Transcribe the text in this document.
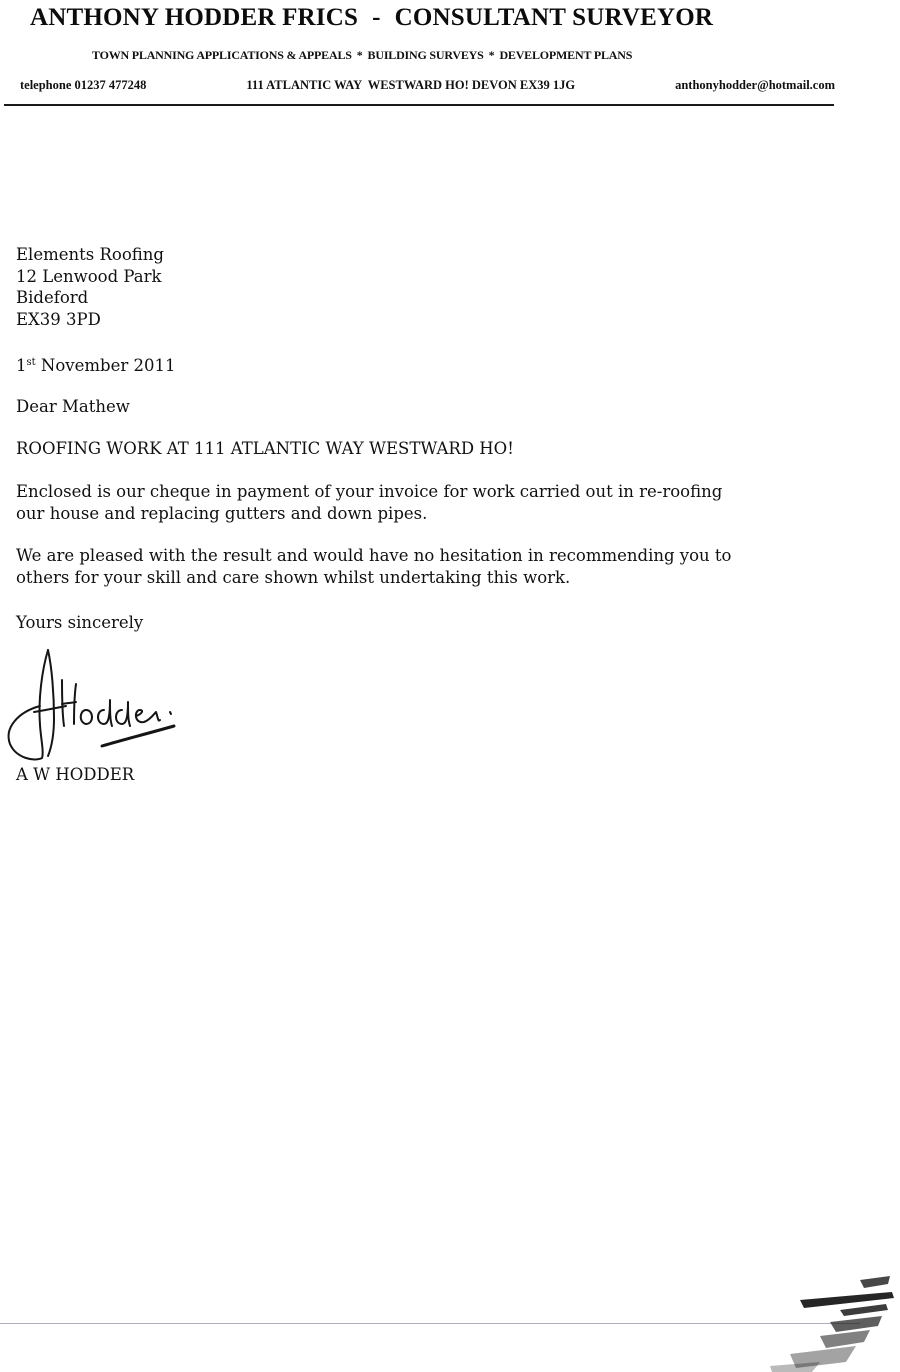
ANTHONY HODDER FRICS - CONSULTANT SURVEYOR
TOWN PLANNING APPLICATIONS & APPEALS * BUILDING SURVEYS * DEVELOPMENT PLANS
telephone 01237 477248	111 ATLANTIC WAY  WESTWARD HO! DEVON EX39 1JG	anthonyhodder@hotmail.com
Elements Roofing
12 Lenwood Park
Bideford
EX39 3PD
1st November 2011
Dear Mathew
ROOFING WORK AT 111 ATLANTIC WAY WESTWARD HO!
Enclosed is our cheque in payment of your invoice for work carried out in re-roofing
our house and replacing gutters and down pipes.
We are pleased with the result and would have no hesitation in recommending you to
others for your skill and care shown whilst undertaking this work.
Yours sincerely
A W HODDER
